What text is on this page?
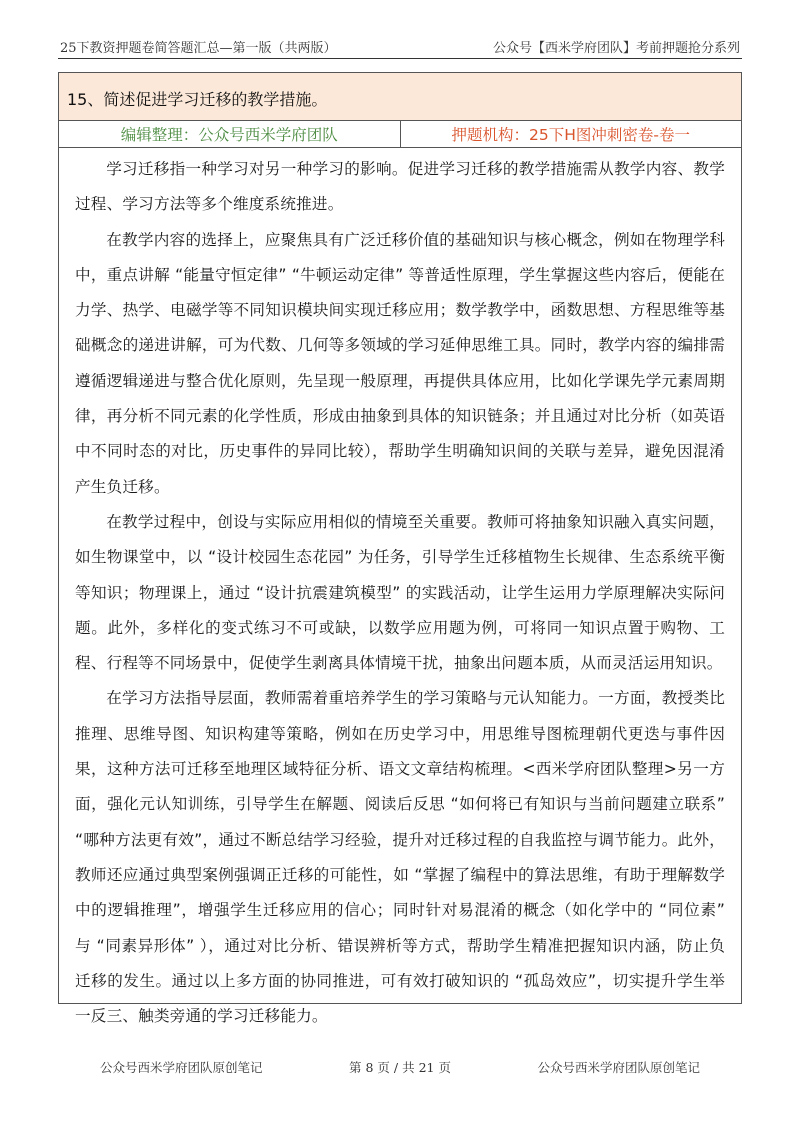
25下教资押题卷简答题汇总—第一版（共两版）	公众号【西米学府团队】考前押题抢分系列
15、简述促进学习迁移的教学措施。
编辑整理：公众号西米学府团队	押题机构：25下H图冲刺密卷-卷一

学习迁移指一种学习对另一种学习的影响。促进学习迁移的教学措施需从教学内容、教学过程、学习方法等多个维度系统推进。

在教学内容的选择上，应聚焦具有广泛迁移价值的基础知识与核心概念，例如在物理学科中，重点讲解 “能量守恒定律” “牛顿运动定律” 等普适性原理，学生掌握这些内容后，便能在力学、热学、电磁学等不同知识模块间实现迁移应用；数学教学中，函数思想、方程思维等基础概念的递进讲解，可为代数、几何等多领域的学习延伸思维工具。同时，教学内容的编排需遵循逻辑递进与整合优化原则，先呈现一般原理，再提供具体应用，比如化学课先学元素周期律，再分析不同元素的化学性质，形成由抽象到具体的知识链条；并且通过对比分析（如英语中不同时态的对比，历史事件的异同比较），帮助学生明确知识间的关联与差异，避免因混淆产生负迁移。

在教学过程中，创设与实际应用相似的情境至关重要。教师可将抽象知识融入真实问题，如生物课堂中，以 “设计校园生态花园” 为任务，引导学生迁移植物生长规律、生态系统平衡等知识；物理课上，通过 “设计抗震建筑模型” 的实践活动，让学生运用力学原理解决实际问题。此外，多样化的变式练习不可或缺，以数学应用题为例，可将同一知识点置于购物、工程、行程等不同场景中，促使学生剥离具体情境干扰，抽象出问题本质，从而灵活运用知识。

在学习方法指导层面，教师需着重培养学生的学习策略与元认知能力。一方面，教授类比推理、思维导图、知识构建等策略，例如在历史学习中，用思维导图梳理朝代更迭与事件因果，这种方法可迁移至地理区域特征分析、语文文章结构梳理。<西米学府团队整理>另一方面，强化元认知训练，引导学生在解题、阅读后反思 “如何将已有知识与当前问题建立联系” “哪种方法更有效”，通过不断总结学习经验，提升对迁移过程的自我监控与调节能力。此外，教师还应通过典型案例强调正迁移的可能性，如 “掌握了编程中的算法思维，有助于理解数学中的逻辑推理”，增强学生迁移应用的信心；同时针对易混淆的概念（如化学中的 “同位素” 与 “同素异形体” ），通过对比分析、错误辨析等方式，帮助学生精准把握知识内涵，防止负迁移的发生。通过以上多方面的协同推进，可有效打破知识的 “孤岛效应”，切实提升学生举一反三、触类旁通的学习迁移能力。

公众号西米学府团队原创笔记	第 8 页 / 共 21 页	公众号西米学府团队原创笔记
